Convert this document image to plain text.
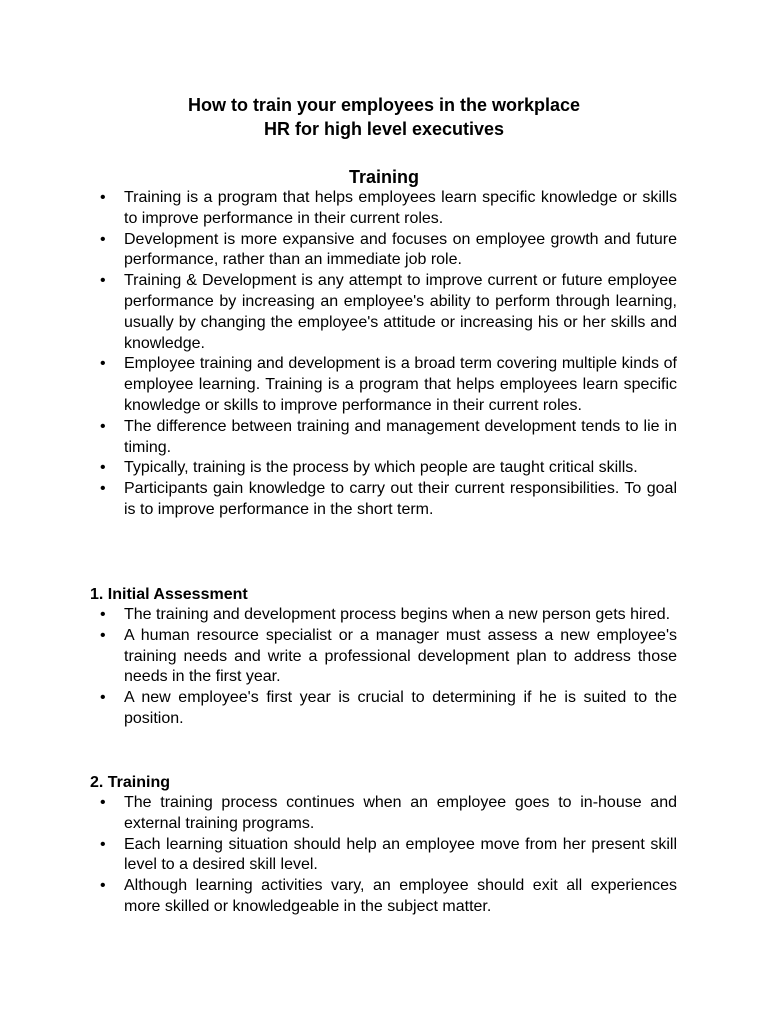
How to train your employees in the workplace
HR for high level executives
Training
• Training is a program that helps employees learn specific knowledge or skills to improve performance in their current roles.
• Development is more expansive and focuses on employee growth and future performance, rather than an immediate job role.
• Training & Development is any attempt to improve current or future employee performance by increasing an employee's ability to perform through learning, usually by changing the employee's attitude or increasing his or her skills and knowledge.
• Employee training and development is a broad term covering multiple kinds of employee learning. Training is a program that helps employees learn specific knowledge or skills to improve performance in their current roles.
• The difference between training and management development tends to lie in timing.
• Typically, training is the process by which people are taught critical skills.
• Participants gain knowledge to carry out their current responsibilities. To goal is to improve performance in the short term.
1. Initial Assessment
• The training and development process begins when a new person gets hired.
• A human resource specialist or a manager must assess a new employee's training needs and write a professional development plan to address those needs in the first year.
• A new employee's first year is crucial to determining if he is suited to the position.
2. Training
• The training process continues when an employee goes to in-house and external training programs.
• Each learning situation should help an employee move from her present skill level to a desired skill level.
• Although learning activities vary, an employee should exit all experiences more skilled or knowledgeable in the subject matter.
